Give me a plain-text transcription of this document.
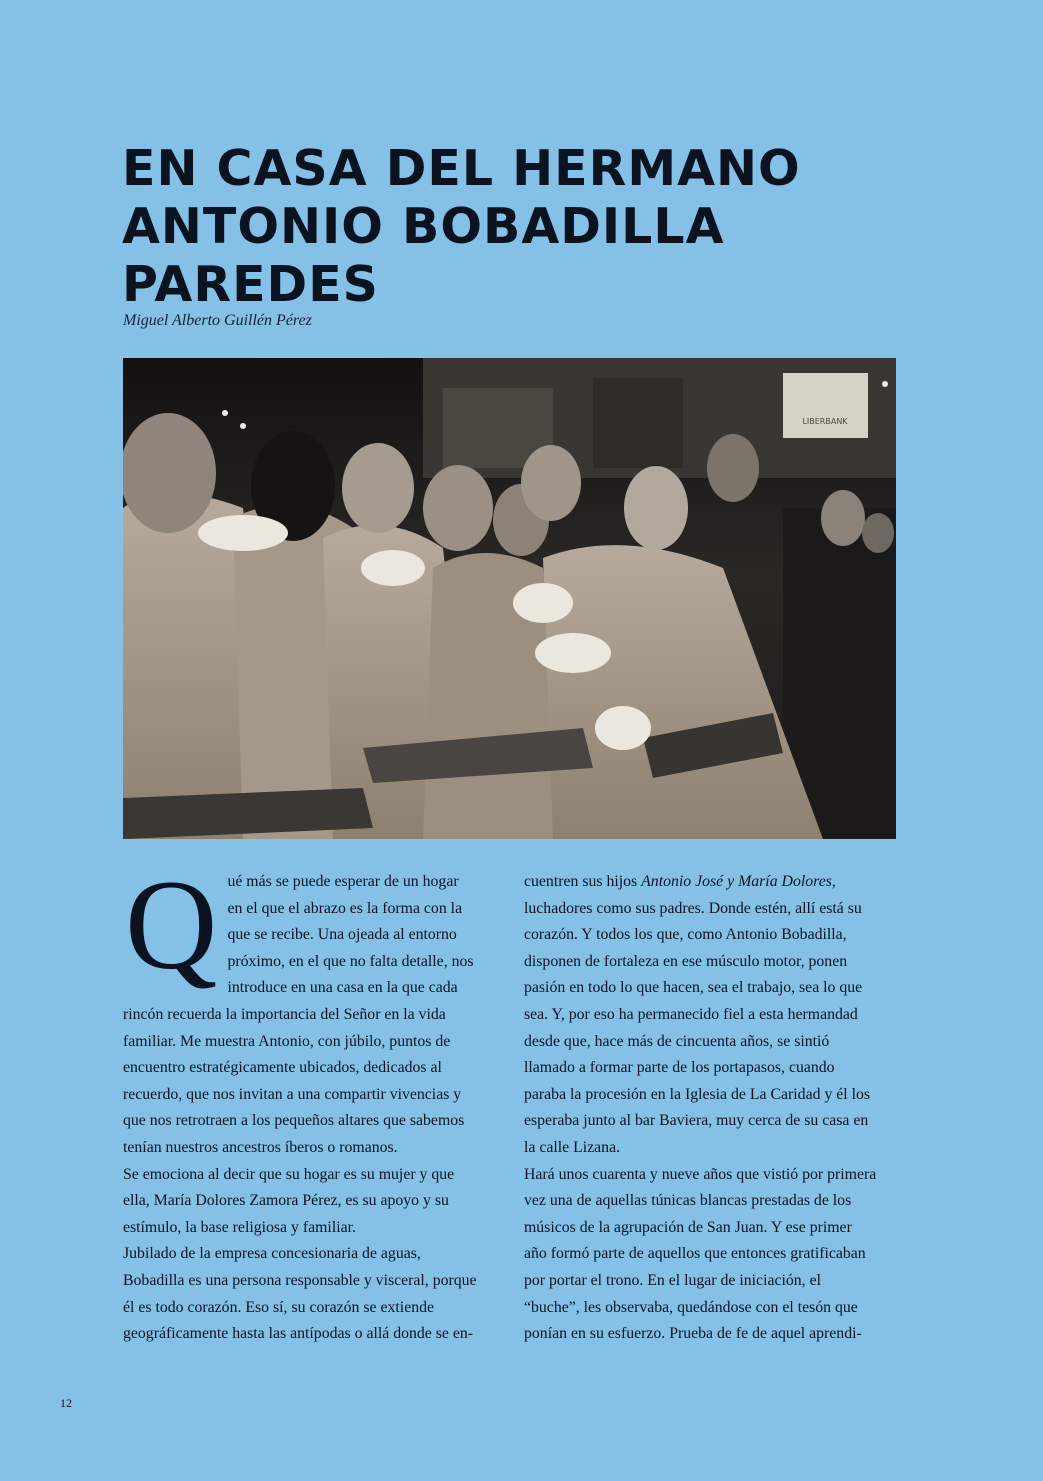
EN CASA DEL HERMANO
ANTONIO BOBADILLA
PAREDES

Miguel Alberto Guillén Pérez

LIBERBANK
Q ué más se puede esperar de un hogar en el que el abrazo es la forma con la que se recibe. Una ojeada al entorno próximo, en el que no falta detalle, nos introduce en una casa en la que cada rincón recuerda la importancia del Señor en la vida familiar. Me muestra Antonio, con júbilo, puntos de encuentro estratégicamente ubicados, dedicados al recuerdo, que nos invitan a una compartir vivencias y que nos retrotraen a los pequeños altares que sabemos tenían nuestros ancestros íberos o romanos.

Se emociona al decir que su hogar es su mujer y que ella, María Dolores Zamora Pérez, es su apoyo y su estímulo, la base religiosa y familiar.

Jubilado de la empresa concesionaria de aguas, Bobadilla es una persona responsable y visceral, porque él es todo corazón. Eso sí, su corazón se extiende geográficamente hasta las antípodas o allá donde se en-

cuentren sus hijos Antonio José y María Dolores, luchadores como sus padres. Donde estén, allí está su corazón. Y todos los que, como Antonio Bobadilla, disponen de fortaleza en ese músculo motor, ponen pasión en todo lo que hacen, sea el trabajo, sea lo que sea. Y, por eso ha permanecido fiel a esta hermandad desde que, hace más de cincuenta años, se sintió llamado a formar parte de los portapasos, cuando paraba la procesión en la Iglesia de La Caridad y él los esperaba junto al bar Baviera, muy cerca de su casa en la calle Lizana.

Hará unos cuarenta y nueve años que vistió por primera vez una de aquellas túnicas blancas prestadas de los músicos de la agrupación de San Juan. Y ese primer año formó parte de aquellos que entonces gratificaban por portar el trono. En el lugar de iniciación, el “buche”, les observaba, quedándose con el tesón que ponían en su esfuerzo. Prueba de fe de aquel aprendi-

12
